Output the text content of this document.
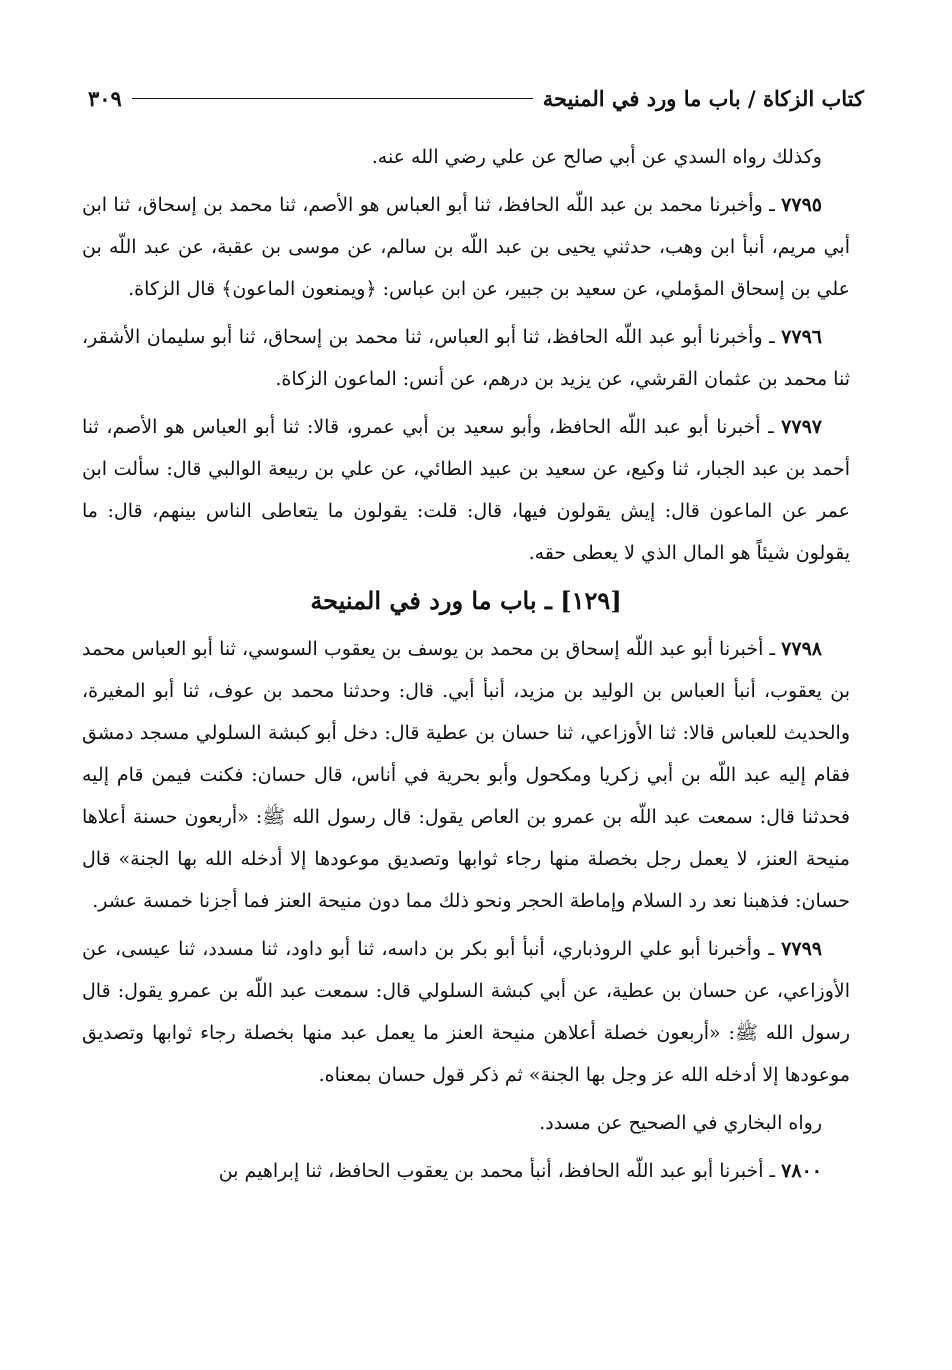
كتاب الزكاة / باب ما ورد في المنيحة
٣٠٩

وكذلك رواه السدي عن أبي صالح عن علي رضي الله عنه.

٧٧٩٥ ـ وأخبرنا محمد بن عبد اللّه الحافظ، ثنا أبو العباس هو الأصم، ثنا محمد بن إسحاق، ثنا ابن أبي مريم، أنبأ ابن وهب، حدثني يحيى بن عبد اللّه بن سالم، عن موسى بن عقبة، عن عبد اللّه بن علي بن إسحاق المؤملي، عن سعيد بن جبير، عن ابن عباس: ﴿ويمنعون الماعون﴾ قال الزكاة.

٧٧٩٦ ـ وأخبرنا أبو عبد اللّه الحافظ، ثنا أبو العباس، ثنا محمد بن إسحاق، ثنا أبو سليمان الأشقر، ثنا محمد بن عثمان القرشي، عن يزيد بن درهم، عن أنس: الماعون الزكاة.

٧٧٩٧ ـ أخبرنا أبو عبد اللّه الحافظ، وأبو سعيد بن أبي عمرو، قالا: ثنا أبو العباس هو الأصم، ثنا أحمد بن عبد الجبار، ثنا وكيع، عن سعيد بن عبيد الطائي، عن علي بن ربيعة الوالبي قال: سألت ابن عمر عن الماعون قال: إيش يقولون فيها، قال: قلت: يقولون ما يتعاطى الناس بينهم، قال: ما يقولون شيئاً هو المال الذي لا يعطى حقه.

[١٢٩] ـ باب ما ورد في المنيحة

٧٧٩٨ ـ أخبرنا أبو عبد اللّه إسحاق بن محمد بن يوسف بن يعقوب السوسي، ثنا أبو العباس محمد بن يعقوب، أنبأ العباس بن الوليد بن مزيد، أنبأ أبي. قال: وحدثنا محمد بن عوف، ثنا أبو المغيرة، والحديث للعباس قالا: ثنا الأوزاعي، ثنا حسان بن عطية قال: دخل أبو كبشة السلولي مسجد دمشق فقام إليه عبد اللّه بن أبي زكريا ومكحول وأبو بحرية في أناس، قال حسان: فكنت فيمن قام إليه فحدثنا قال: سمعت عبد اللّه بن عمرو بن العاص يقول: قال رسول الله ﷺ: «أربعون حسنة أعلاها منيحة العنز، لا يعمل رجل بخصلة منها رجاء ثوابها وتصديق موعودها إلا أدخله الله بها الجنة» قال حسان: فذهبنا نعد رد السلام وإماطة الحجر ونحو ذلك مما دون منيحة العنز فما أجزنا خمسة عشر.

٧٧٩٩ ـ وأخبرنا أبو علي الروذباري، أنبأ أبو بكر بن داسه، ثنا أبو داود، ثنا مسدد، ثنا عيسى، عن الأوزاعي، عن حسان بن عطية، عن أبي كبشة السلولي قال: سمعت عبد اللّه بن عمرو يقول: قال رسول الله ﷺ: «أربعون خصلة أعلاهن منيحة العنز ما يعمل عبد منها بخصلة رجاء ثوابها وتصديق موعودها إلا أدخله الله عز وجل بها الجنة» ثم ذكر قول حسان بمعناه.

رواه البخاري في الصحيح عن مسدد.

٧٨٠٠ ـ أخبرنا أبو عبد اللّه الحافظ، أنبأ محمد بن يعقوب الحافظ، ثنا إبراهيم بن
